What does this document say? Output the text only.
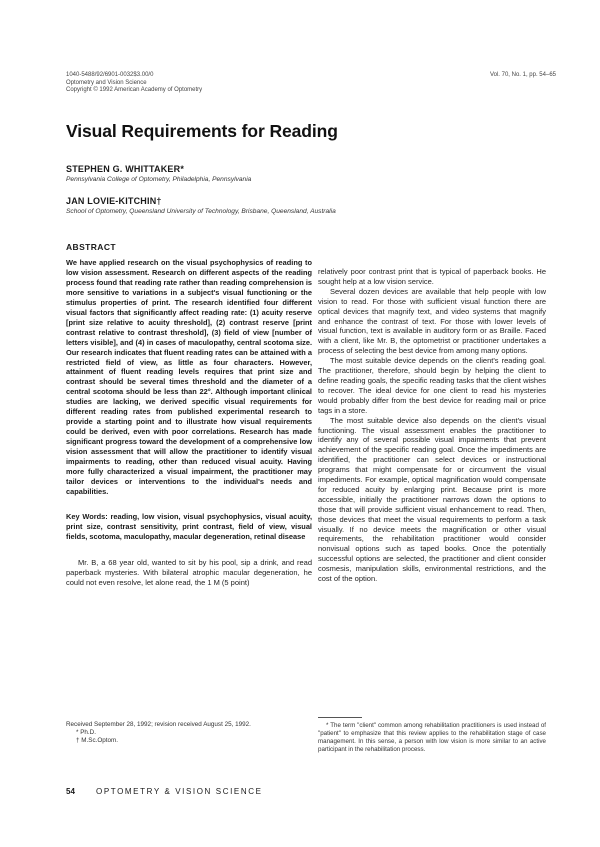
1040-5488/92/6901-0032$3.00/0
Optometry and Vision Science
Copyright © 1992 American Academy of Optometry
Vol. 70, No. 1, pp. 54–65
Visual Requirements for Reading
STEPHEN G. WHITTAKER*
Pennsylvania College of Optometry, Philadelphia, Pennsylvania
JAN LOVIE-KITCHIN†
School of Optometry, Queensland University of Technology, Brisbane, Queensland, Australia
ABSTRACT

We have applied research on the visual psychophysics of reading to low vision assessment. Research on different aspects of the reading process found that reading rate rather than reading comprehension is more sensitive to variations in a subject's visual functioning or the stimulus properties of print. The research identified four different visual factors that significantly affect reading rate: (1) acuity reserve [print size relative to acuity threshold], (2) contrast reserve [print contrast relative to contrast threshold], (3) field of view [number of letters visible], and (4) in cases of maculopathy, central scotoma size. Our research indicates that fluent reading rates can be attained with a restricted field of view, as little as four characters. However, attainment of fluent reading levels requires that print size and contrast should be several times threshold and the diameter of a central scotoma should be less than 22°. Although important clinical studies are lacking, we derived specific visual requirements for different reading rates from published experimental research to provide a starting point and to illustrate how visual requirements could be derived, even with poor correlations. Research has made significant progress toward the development of a comprehensive low vision assessment that will allow the practitioner to identify visual impairments to reading, other than reduced visual acuity. Having more fully characterized a visual impairment, the practitioner may tailor devices or interventions to the individual's needs and capabilities.

Key Words: reading, low vision, visual psychophysics, visual acuity, print size, contrast sensitivity, print contrast, field of view, visual fields, scotoma, maculopathy, macular degeneration, retinal disease

Mr. B, a 68 year old, wanted to sit by his pool, sip a drink, and read paperback mysteries. With bilateral atrophic macular degeneration, he could not even resolve, let alone read, the 1 M (5 point)

Received September 28, 1992; revision received August 25, 1992.

* Ph.D.

† M.Sc.Optom.

relatively poor contrast print that is typical of paperback books. He sought help at a low vision service.

Several dozen devices are available that help people with low vision to read. For those with sufficient visual function there are optical devices that magnify text, and video systems that magnify and enhance the contrast of text. For those with lower levels of visual function, text is available in auditory form or as Braille. Faced with a client, like Mr. B, the optometrist or practitioner undertakes a process of selecting the best device from among many options.

The most suitable device depends on the client's reading goal. The practitioner, therefore, should begin by helping the client to define reading goals, the specific reading tasks that the client wishes to recover. The ideal device for one client to read his mysteries would probably differ from the best device for reading mail or price tags in a store.

The most suitable device also depends on the client's visual functioning. The visual assessment enables the practitioner to identify any of several possible visual impairments that prevent achievement of the specific reading goal. Once the impediments are identified, the practitioner can select devices or instructional programs that might compensate for or circumvent the visual impediments. For example, optical magnification would compensate for reduced acuity by enlarging print. Because print is more accessible, initially the practitioner narrows down the options to those that will provide sufficient visual enhancement to read. Then, those devices that meet the visual requirements to perform a task visually. If no device meets the magnification or other visual requirements, the rehabilitation practitioner would consider nonvisual options such as taped books. Once the potentially successful options are selected, the practitioner and client consider cosmesis, manipulation skills, environmental restrictions, and the cost of the option.

* The term "client" common among rehabilitation practitioners is used instead of "patient" to emphasize that this review applies to the rehabilitation stage of case management. In this sense, a person with low vision is more similar to an active participant in the rehabilitation process.

54	OPTOMETRY & VISION SCIENCE
